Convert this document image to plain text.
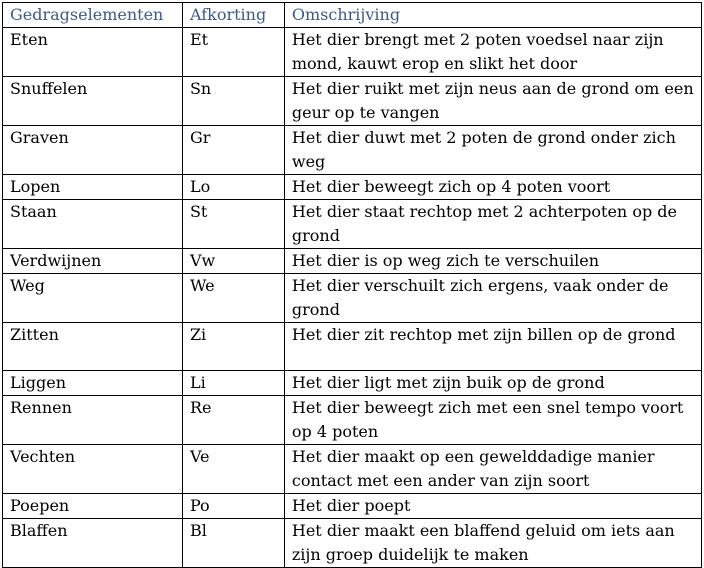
Gedragselementen	Afkorting	Omschrijving
Eten	Et	Het dier brengt met 2 poten voedsel naar zijn mond, kauwt erop en slikt het door
Snuffelen	Sn	Het dier ruikt met zijn neus aan de grond om een geur op te vangen
Graven	Gr	Het dier duwt met 2 poten de grond onder zich weg
Lopen	Lo	Het dier beweegt zich op 4 poten voort
Staan	St	Het dier staat rechtop met 2 achterpoten op de grond
Verdwijnen	Vw	Het dier is op weg zich te verschuilen
Weg	We	Het dier verschuilt zich ergens, vaak onder de grond
Zitten	Zi	Het dier zit rechtop met zijn billen op de grond
Liggen	Li	Het dier ligt met zijn buik op de grond
Rennen	Re	Het dier beweegt zich met een snel tempo voort op 4 poten
Vechten	Ve	Het dier maakt op een gewelddadige manier contact met een ander van zijn soort
Poepen	Po	Het dier poept
Blaffen	Bl	Het dier maakt een blaffend geluid om iets aan zijn groep duidelijk te maken
